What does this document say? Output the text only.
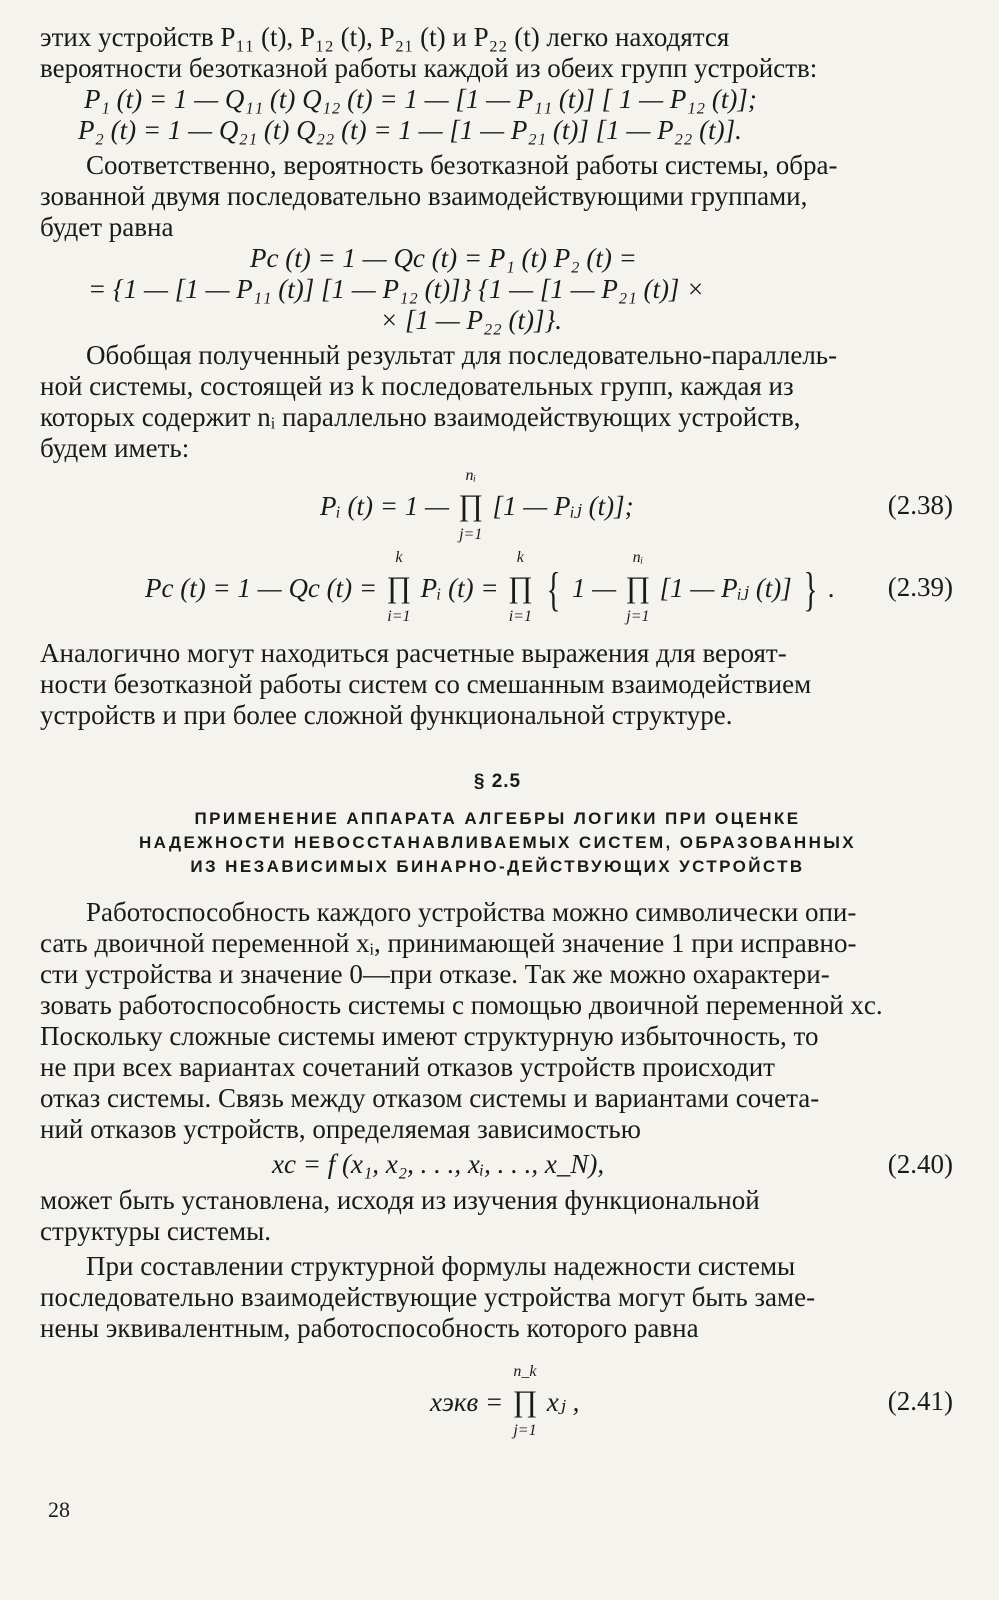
этих устройств P₁₁ (t), P₁₂ (t), P₂₁ (t) и P₂₂ (t) легко находятся
вероятности безотказной работы каждой из обеих групп устройств:

P₁ (t) = 1 — Q₁₁ (t) Q₁₂ (t) = 1 — [1 — P₁₁ (t)] [ 1 — P₁₂ (t)];
P₂ (t) = 1 — Q₂₁ (t) Q₂₂ (t) = 1 — [1 — P₂₁ (t)] [1 — P₂₂ (t)].

Соответственно, вероятность безотказной работы системы, обра-
зованной двумя последовательно взаимодействующими группами,
будет равна

Pc (t) = 1 — Qc (t) = P₁ (t) P₂ (t) =
= {1 — [1 — P₁₁ (t)] [1 — P₁₂ (t)]} {1 — [1 — P₂₁ (t)] ×
× [1 — P₂₂ (t)]}.

Обобщая полученный результат для последовательно-параллель-
ной системы, состоящей из k последовательных групп, каждая из
которых содержит nᵢ параллельно взаимодействующих устройств,
будем иметь:

Pᵢ (t) = 1 — ∏
nᵢ
j=1
[1 — Pᵢⱼ (t)];	(2.38)
Pc (t) = 1 — Qc (t) = ∏
k
i=1
Pᵢ (t) = ∏
k
i=1
{ 1 — ∏
nᵢ
j=1
[1 — Pᵢⱼ (t)] } . (2.39)

Аналогично могут находиться расчетные выражения для вероят-
ности безотказной работы систем со смешанным взаимодействием
устройств и при более сложной функциональной структуре.

§ 2.5

ПРИМЕНЕНИЕ АППАРАТА АЛГЕБРЫ ЛОГИКИ ПРИ ОЦЕНКЕ

НАДЕЖНОСТИ НЕВОССТАНАВЛИВАЕМЫХ СИСТЕМ, ОБРАЗОВАННЫХ

ИЗ НЕЗАВИСИМЫХ БИНАРНО-ДЕЙСТВУЮЩИХ УСТРОЙСТВ

Работоспособность каждого устройства можно символически опи-
сать двоичной переменной xᵢ, принимающей значение 1 при исправно-
сти устройства и значение 0—при отказе. Так же можно охарактери-
зовать работоспособность системы с помощью двоичной переменной xc.
Поскольку сложные системы имеют структурную избыточность, то
не при всех вариантах сочетаний отказов устройств происходит
отказ системы. Связь между отказом системы и вариантами сочета-
ний отказов устройств, определяемая зависимостью

xc = f (x₁, x₂, . . ., xᵢ, . . ., x_N),	(2.40)

может быть установлена, исходя из изучения функциональной
структуры системы.

При составлении структурной формулы надежности системы
последовательно взаимодействующие устройства могут быть заме-
нены эквивалентным, работоспособность которого равна

xэкв = ∏
n_k
j=1
xⱼ ,	(2.41)
28
